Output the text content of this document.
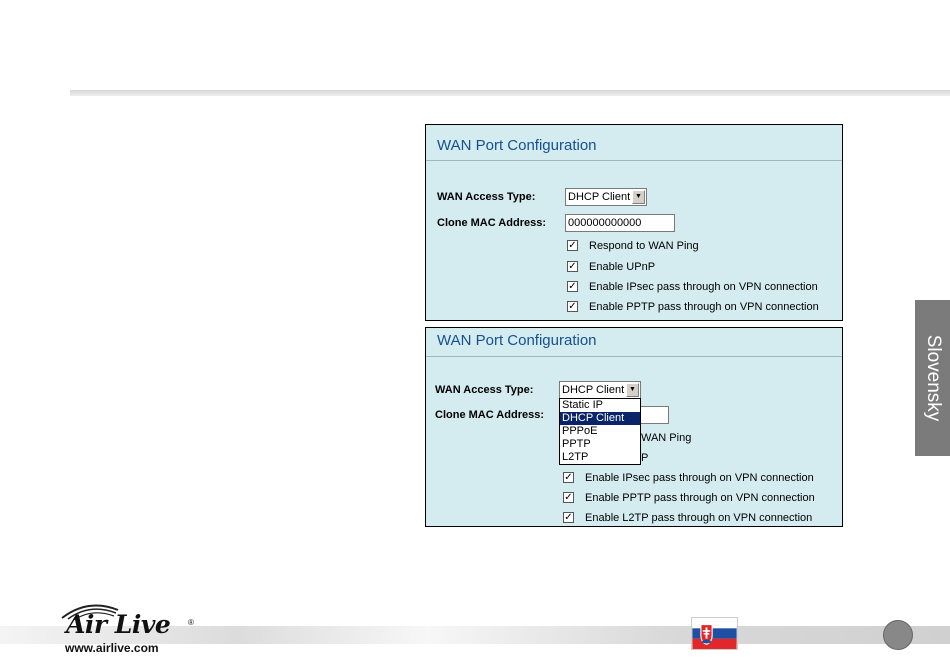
WAN Port Configuration
WAN Access Type:	DHCP Client ▼
Clone MAC Address: 000000000000
✓ Respond to WAN Ping
✓ Enable UPnP
✓ Enable IPsec pass through on VPN connection
✓ Enable PPTP pass through on VPN connection
WAN Port Configuration
WAN Access Type:	DHCP Client ▼
Static IP
DHCP Client
PPPoE
PPTP
L2TP
Clone MAC Address:
WAN Ping
P
✓ Enable IPsec pass through on VPN connection
✓ Enable PPTP pass through on VPN connection
✓ Enable L2TP pass through on VPN connection
Slovensky
Air Live ®
www.airlive.com
